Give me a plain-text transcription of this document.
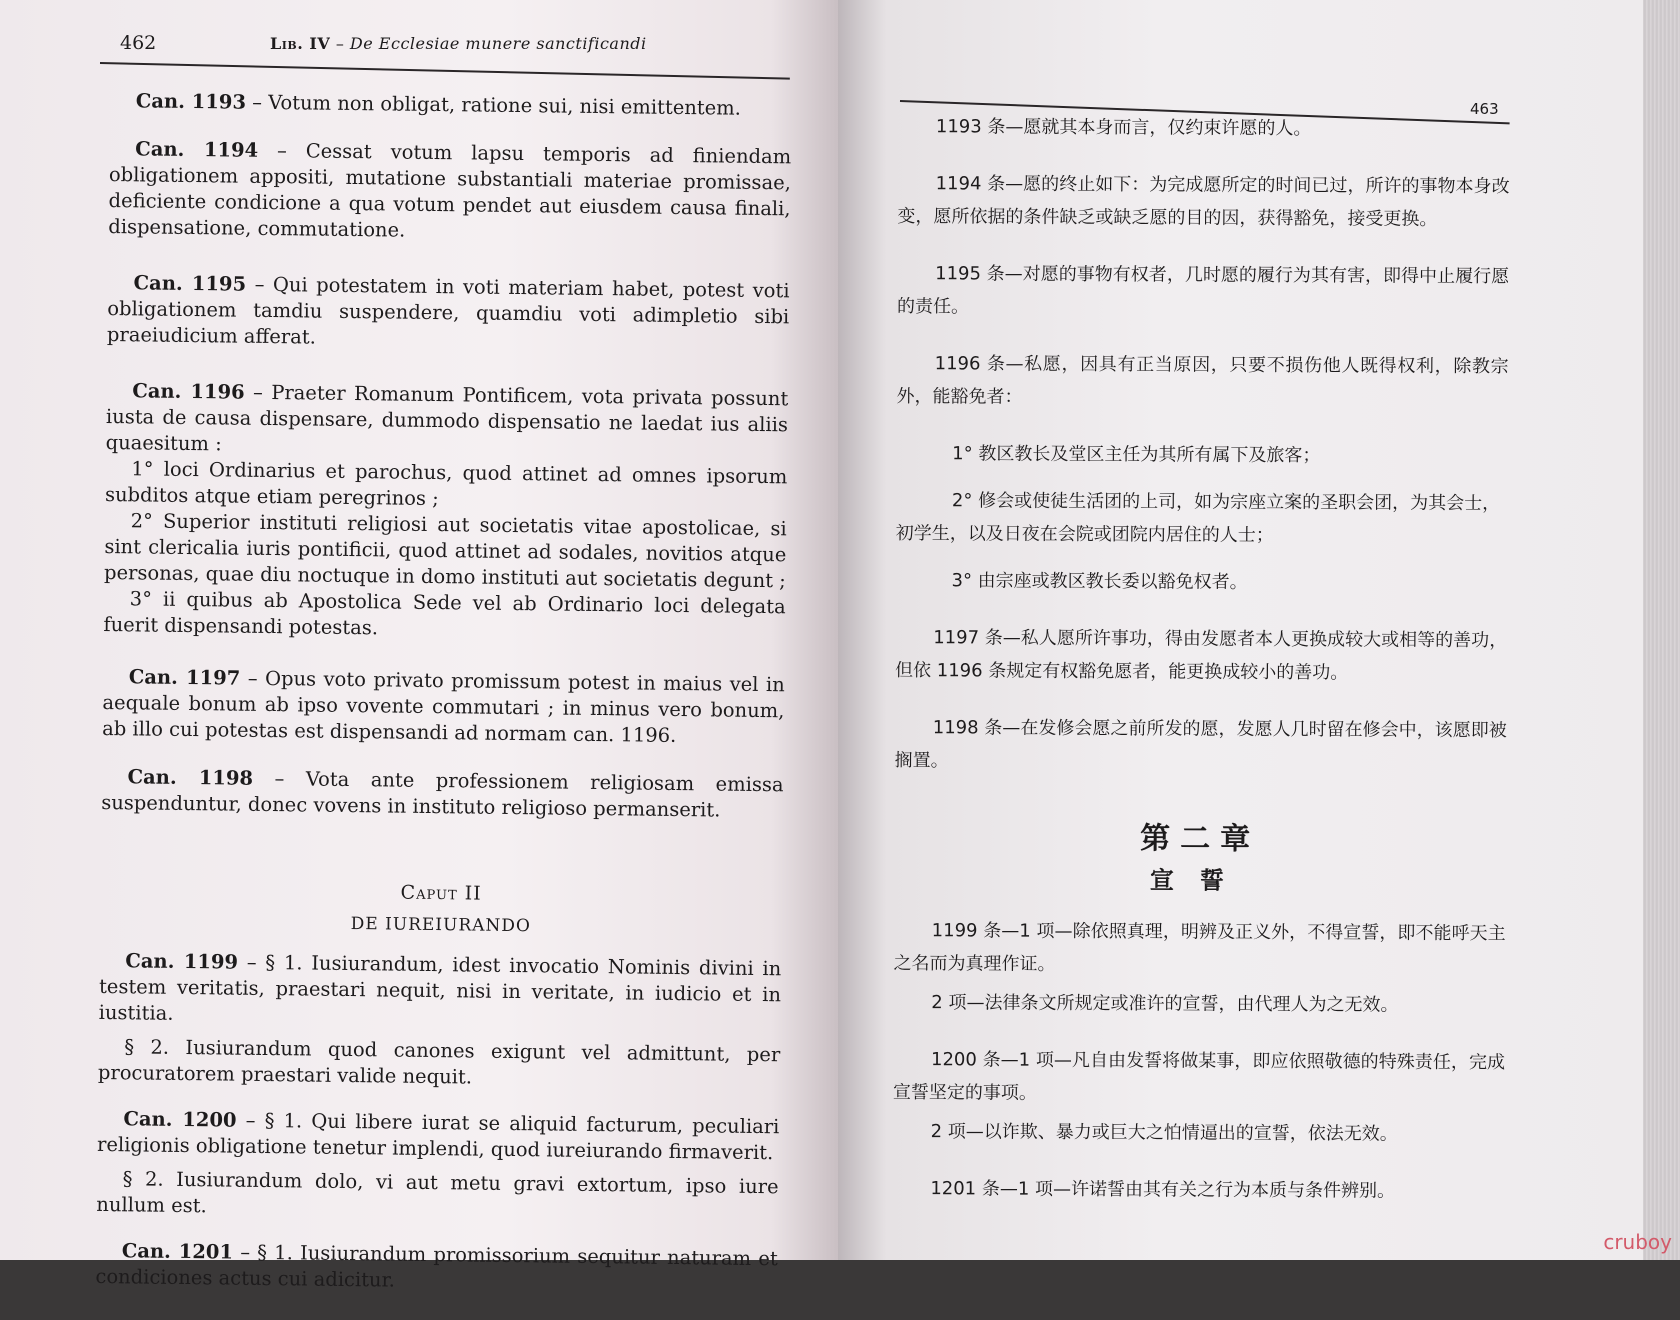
462	Lib. IV – De Ecclesiae munere sanctificandi

Can. 1193 – Votum non obligat, ratione sui, nisi emittentem.

Can. 1194 – Cessat votum lapsu temporis ad finiendam obligationem appositi, mutatione substantiali materiae promissae, deficiente condicione a qua votum pendet aut eiusdem causa finali, dispensatione, commutatione.

Can. 1195 – Qui potestatem in voti materiam habet, potest voti obligationem tamdiu suspendere, quamdiu voti adimpletio sibi praeiudicium afferat.

Can. 1196 – Praeter Romanum Pontificem, vota privata possunt iusta de causa dispensare, dummodo dispensatio ne laedat ius aliis quaesitum :

1° loci Ordinarius et parochus, quod attinet ad omnes ipsorum subditos atque etiam peregrinos ;

2° Superior instituti religiosi aut societatis vitae apostolicae, si sint clericalia iuris pontificii, quod attinet ad sodales, novitios atque personas, quae diu noctuque in domo instituti aut societatis degunt ;

3° ii quibus ab Apostolica Sede vel ab Ordinario loci delegata fuerit dispensandi potestas.

Can. 1197 – Opus voto privato promissum potest in maius vel in aequale bonum ab ipso vovente commutari ; in minus vero bonum, ab illo cui potestas est dispensandi ad normam can. 1196.

Can. 1198 – Vota ante professionem religiosam emissa suspenduntur, donec vovens in instituto religioso permanserit.

Caput II
DE IUREIURANDO

Can. 1199 – § 1. Iusiurandum, idest invocatio Nominis divini in testem veritatis, praestari nequit, nisi in veritate, in iudicio et in iustitia.

§ 2. Iusiurandum quod canones exigunt vel admittunt, per procuratorem praestari valide nequit.

Can. 1200 – § 1. Qui libere iurat se aliquid facturum, peculiari religionis obligatione tenetur implendi, quod iureiurando firmaverit.

§ 2. Iusiurandum dolo, vi aut metu gravi extortum, ipso iure nullum est.

Can. 1201 – § 1. Iusiurandum promissorium sequitur naturam et condiciones actus cui adicitur.

463

1193 条—愿就其本身而言，仅约束许愿的人。

1194 条—愿的终止如下：为完成愿所定的时间已过，所许的事物本身改变，愿所依据的条件缺乏或缺乏愿的目的因，获得豁免，接受更换。

1195 条—对愿的事物有权者，几时愿的履行为其有害，即得中止履行愿的责任。

1196 条—私愿，因具有正当原因，只要不损伤他人既得权利，除教宗外，能豁免者：

1° 教区教长及堂区主任为其所有属下及旅客；

2° 修会或使徒生活团的上司，如为宗座立案的圣职会团，为其会士，初学生，以及日夜在会院或团院内居住的人士；

3° 由宗座或教区教长委以豁免权者。

1197 条—私人愿所许事功，得由发愿者本人更换成较大或相等的善功，但依 1196 条规定有权豁免愿者，能更换成较小的善功。

1198 条—在发修会愿之前所发的愿，发愿人几时留在修会中，该愿即被搁置。

第二章
宣誓

1199 条—1 项—除依照真理，明辨及正义外，不得宣誓，即不能呼天主之名而为真理作证。

2 项—法律条文所规定或准许的宣誓，由代理人为之无效。

1200 条—1 项—凡自由发誓将做某事，即应依照敬德的特殊责任，完成宣誓坚定的事项。

2 项—以诈欺、暴力或巨大之怕情逼出的宣誓，依法无效。

1201 条—1 项—许诺誓由其有关之行为本质与条件辨别。

cruboy
